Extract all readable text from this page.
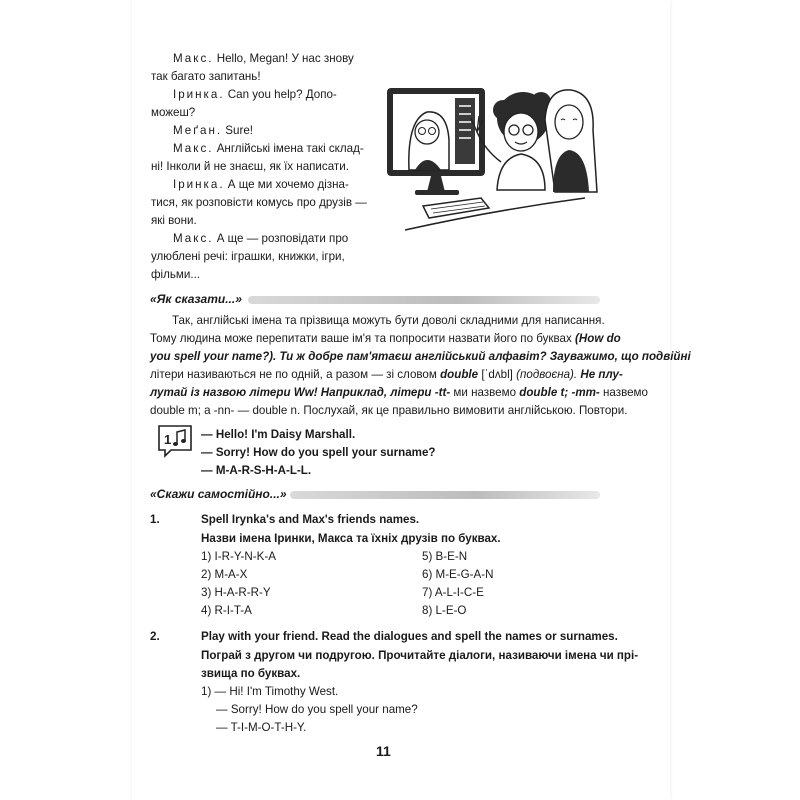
Макс. Hello, Megan! У нас знову
так багато запитань!
Іринка. Can you help? Допо-
можеш?
Меґан. Sure!
Макс. Англійські імена такі склад-
ні! Інколи й не знаєш, як їх написати.
Іринка. А ще ми хочемо дізна-
тися, як розповісти комусь про друзів —
які вони.
Макс. А ще — розповідати про
улюблені речі: іграшки, книжки, ігри,
фільми...
«Як сказати...»
Так, англійські імена та прізвища можуть бути доволі складними для написання.
Тому людина може перепитати ваше ім'я та попросити назвати його по буквах (How do
you spell your name?). Ти ж добре пам'ятаєш англійський алфавіт? Зауважимо, що подвійні
літери називаються не по одній, а разом — зі словом double [ˈdʌbl] (подвоєна). Не плу-
лутай із назвою літери Ww! Наприклад, літери -tt- ми назвемо double t; -mm- назвемо
double m; а -nn- — double n. Послухай, як це правильно вимовити англійською. Повтори.
1	— Hello! I'm Daisy Marshall.
— Sorry! How do you spell your surname?
— M-A-R-S-H-A-L-L.
«Скажи самостійно...»
1.	Spell Irynka's and Max's friends names.
Назви імена Іринки, Макса та їхніх друзів по буквах.
1) I-R-Y-N-K-A
2) M-A-X
3) H-A-R-R-Y
4) R-I-T-A
5) B-E-N
6) M-E-G-A-N
7) A-L-I-C-E
8) L-E-O
2.	Play with your friend. Read the dialogues and spell the names or surnames.
Пограй з другом чи подругою. Прочитайте діалоги, називаючи імена чи прі-
звища по буквах.
1) — Hi! I'm Timothy West.
— Sorry! How do you spell your name?
— T-I-M-O-T-H-Y.
11
